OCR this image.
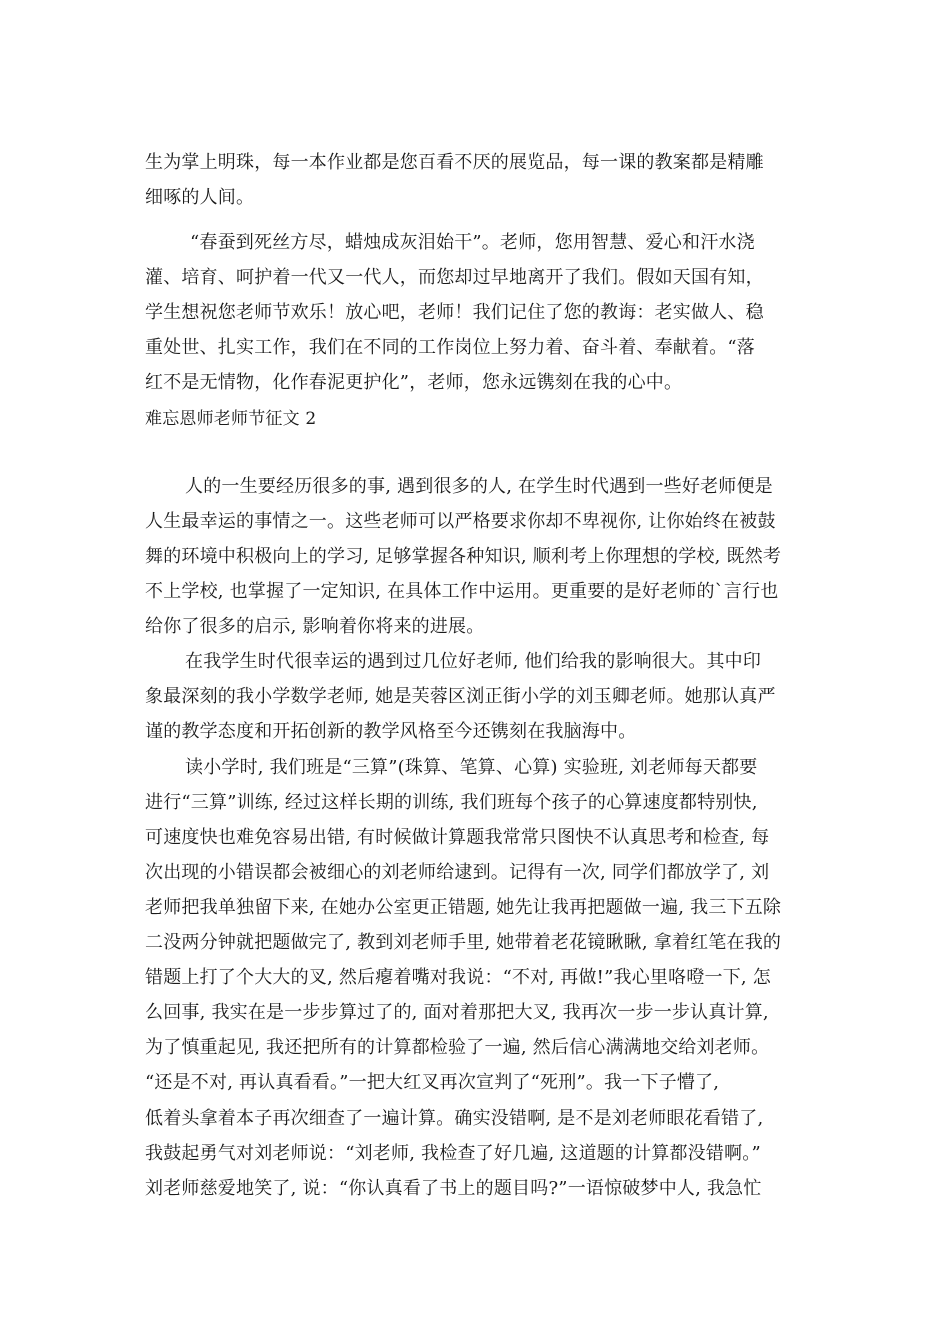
生为掌上明珠，每一本作业都是您百看不厌的展览品，每一课的教案都是精雕
细啄的人间。
“春蚕到死丝方尽，蜡烛成灰泪始干”。老师，您用智慧、爱心和汗水浇
灌、培育、呵护着一代又一代人，而您却过早地离开了我们。假如天国有知，
学生想祝您老师节欢乐！放心吧，老师！我们记住了您的教诲：老实做人、稳
重处世、扎实工作，我们在不同的工作岗位上努力着、奋斗着、奉献着。“落
红不是无情物，化作春泥更护化”，老师，您永远镌刻在我的心中。
难忘恩师老师节征文 2
人的一生要经历很多的事, 遇到很多的人, 在学生时代遇到一些好老师便是
人生最幸运的事情之一。这些老师可以严格要求你却不卑视你, 让你始终在被鼓
舞的环境中积极向上的学习, 足够掌握各种知识, 顺利考上你理想的学校, 既然考
不上学校, 也掌握了一定知识, 在具体工作中运用。更重要的是好老师的`言行也
给你了很多的启示, 影响着你将来的进展。
在我学生时代很幸运的遇到过几位好老师, 他们给我的影响很大。其中印
象最深刻的我小学数学老师, 她是芙蓉区浏正街小学的刘玉卿老师。她那认真严
谨的教学态度和开拓创新的教学风格至今还镌刻在我脑海中。
读小学时, 我们班是“三算”(珠算、笔算、心算) 实验班, 刘老师每天都要
进行“三算”训练, 经过这样长期的训练, 我们班每个孩子的心算速度都特别快,
可速度快也难免容易出错, 有时候做计算题我常常只图快不认真思考和检查, 每
次出现的小错误都会被细心的刘老师给逮到。记得有一次, 同学们都放学了, 刘
老师把我单独留下来, 在她办公室更正错题, 她先让我再把题做一遍, 我三下五除
二没两分钟就把题做完了, 教到刘老师手里, 她带着老花镜瞅瞅, 拿着红笔在我的
错题上打了个大大的叉, 然后瘪着嘴对我说：“不对, 再做!”我心里咯噔一下, 怎
么回事, 我实在是一步步算过了的, 面对着那把大叉, 我再次一步一步认真计算,
为了慎重起见, 我还把所有的计算都检验了一遍, 然后信心满满地交给刘老师。
“还是不对, 再认真看看。”一把大红叉再次宣判了“死刑”。我一下子懵了,
低着头拿着本子再次细查了一遍计算。确实没错啊, 是不是刘老师眼花看错了,
我鼓起勇气对刘老师说：“刘老师, 我检查了好几遍, 这道题的计算都没错啊。”
刘老师慈爱地笑了, 说：“你认真看了书上的题目吗?”一语惊破梦中人, 我急忙
